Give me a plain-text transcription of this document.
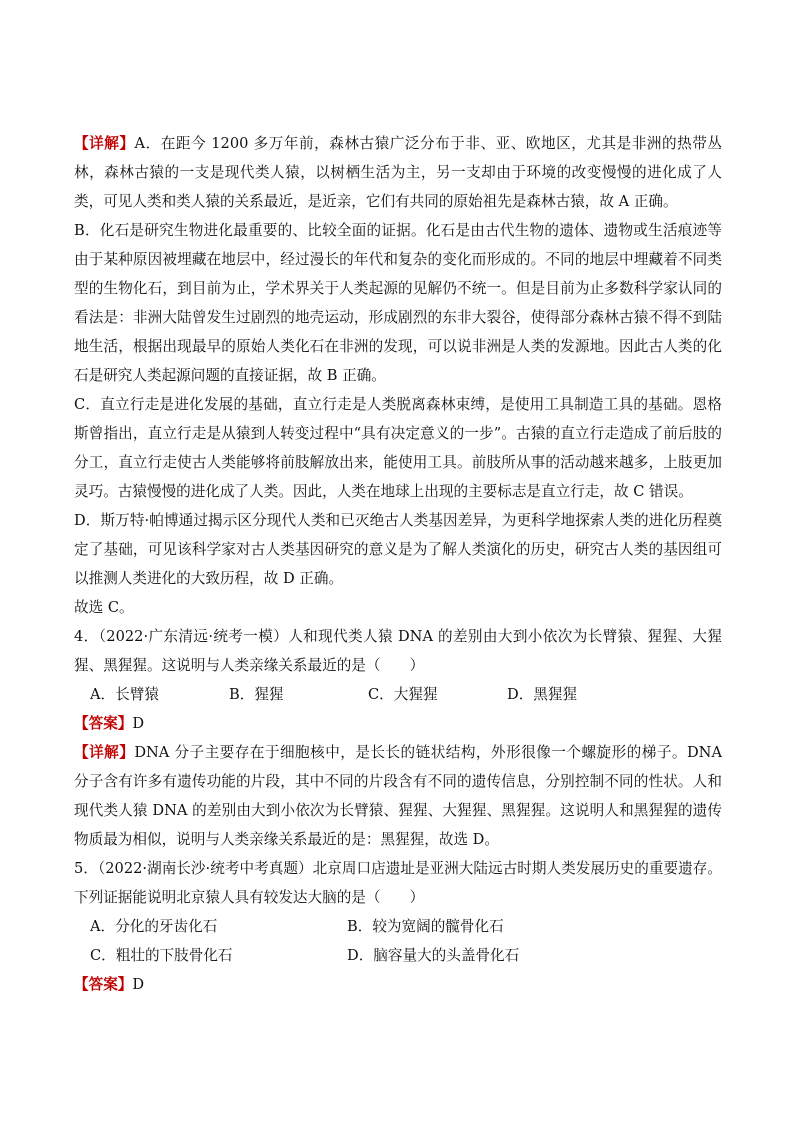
【详解】A．在距今 1200 多万年前，森林古猿广泛分布于非、亚、欧地区，尤其是非洲的热带丛林，森林古猿的一支是现代类人猿，以树栖生活为主，另一支却由于环境的改变慢慢的进化成了人类，可见人类和类人猿的关系最近，是近亲，它们有共同的原始祖先是森林古猿，故 A 正确。

B．化石是研究生物进化最重要的、比较全面的证据。化石是由古代生物的遗体、遗物或生活痕迹等由于某种原因被埋藏在地层中，经过漫长的年代和复杂的变化而形成的。不同的地层中埋藏着不同类型的生物化石，到目前为止，学术界关于人类起源的见解仍不统一。但是目前为止多数科学家认同的看法是：非洲大陆曾发生过剧烈的地壳运动，形成剧烈的东非大裂谷，使得部分森林古猿不得不到陆地生活，根据出现最早的原始人类化石在非洲的发现，可以说非洲是人类的发源地。因此古人类的化石是研究人类起源问题的直接证据，故 B 正确。

C．直立行走是进化发展的基础，直立行走是人类脱离森林束缚，是使用工具制造工具的基础。恩格斯曾指出，直立行走是从猿到人转变过程中“具有决定意义的一步”。古猿的直立行走造成了前后肢的分工，直立行走使古人类能够将前肢解放出来，能使用工具。前肢所从事的活动越来越多，上肢更加灵巧。古猿慢慢的进化成了人类。因此，人类在地球上出现的主要标志是直立行走，故 C 错误。

D．斯万特·帕博通过揭示区分现代人类和已灭绝古人类基因差异，为更科学地探索人类的进化历程奠定了基础，可见该科学家对古人类基因研究的意义是为了解人类演化的历史，研究古人类的基因组可以推测人类进化的大致历程，故 D 正确。

故选 C。

4．（2022·广东清远·统考一模）人和现代类人猿 DNA 的差别由大到小依次为长臂猿、猩猩、大猩猩、黑猩猩。这说明与人类亲缘关系最近的是（　　）

A．长臂猿	B．猩猩	C．大猩猩	D．黑猩猩

【答案】D

【详解】DNA 分子主要存在于细胞核中，是长长的链状结构，外形很像一个螺旋形的梯子。DNA 分子含有许多有遗传功能的片段，其中不同的片段含有不同的遗传信息，分别控制不同的性状。人和现代类人猿 DNA 的差别由大到小依次为长臂猿、猩猩、大猩猩、黑猩猩。这说明人和黑猩猩的遗传物质最为相似，说明与人类亲缘关系最近的是：黑猩猩，故选 D。

5．（2022·湖南长沙·统考中考真题）北京周口店遗址是亚洲大陆远古时期人类发展历史的重要遗存。下列证据能说明北京猿人具有较发达大脑的是（　　）

A．分化的牙齿化石	B．较为宽阔的髋骨化石
C．粗壮的下肢骨化石	D．脑容量大的头盖骨化石

【答案】D
